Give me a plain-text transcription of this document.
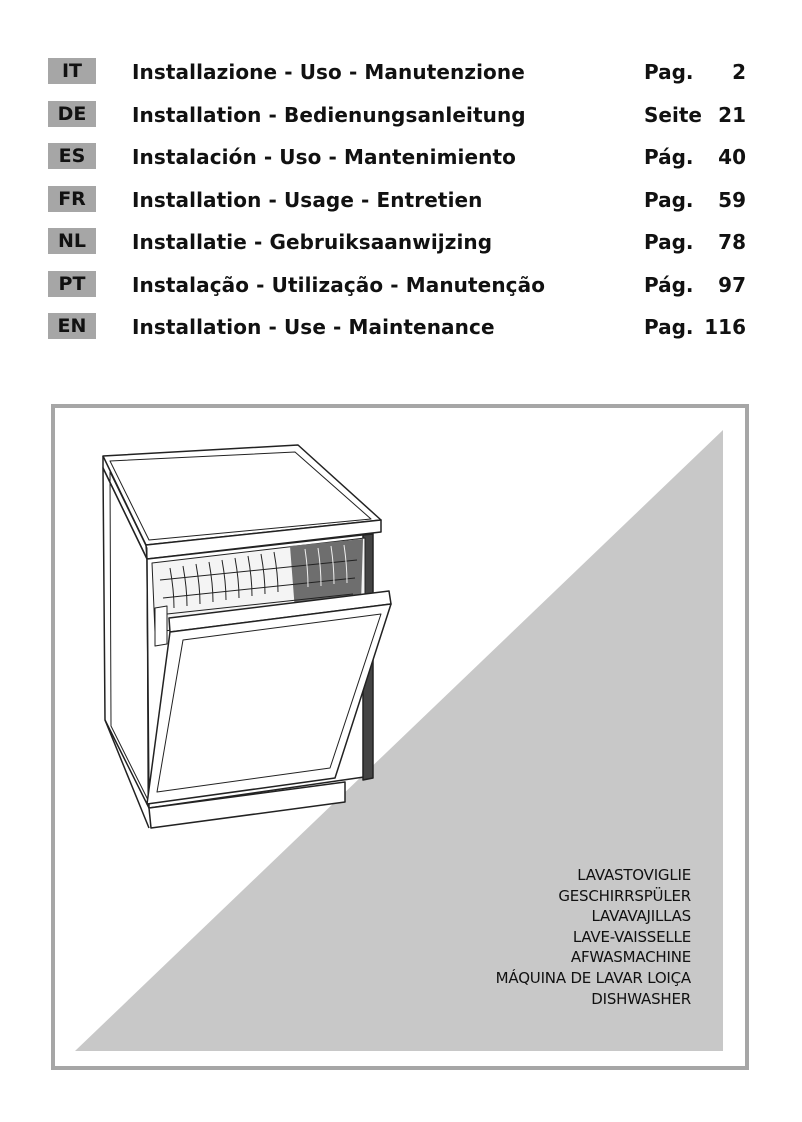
IT	Installazione - Uso - Manutenzione	Pag. 2
DE	Installation - Bedienungsanleitung	Seite 21
ES	Instalación - Uso - Mantenimiento	Pág. 40
FR	Installation - Usage - Entretien	Pag. 59
NL	Installatie - Gebruiksaanwijzing	Pag. 78
PT	Instalação - Utilização - Manutenção	Pág. 97
EN	Installation - Use - Maintenance	Pag. 116
LAVASTOVIGLIE
GESCHIRRSPÜLER
LAVAVAJILLAS
LAVE-VAISSELLE
AFWASMACHINE
MÁQUINA DE LAVAR LOIÇA
DISHWASHER
